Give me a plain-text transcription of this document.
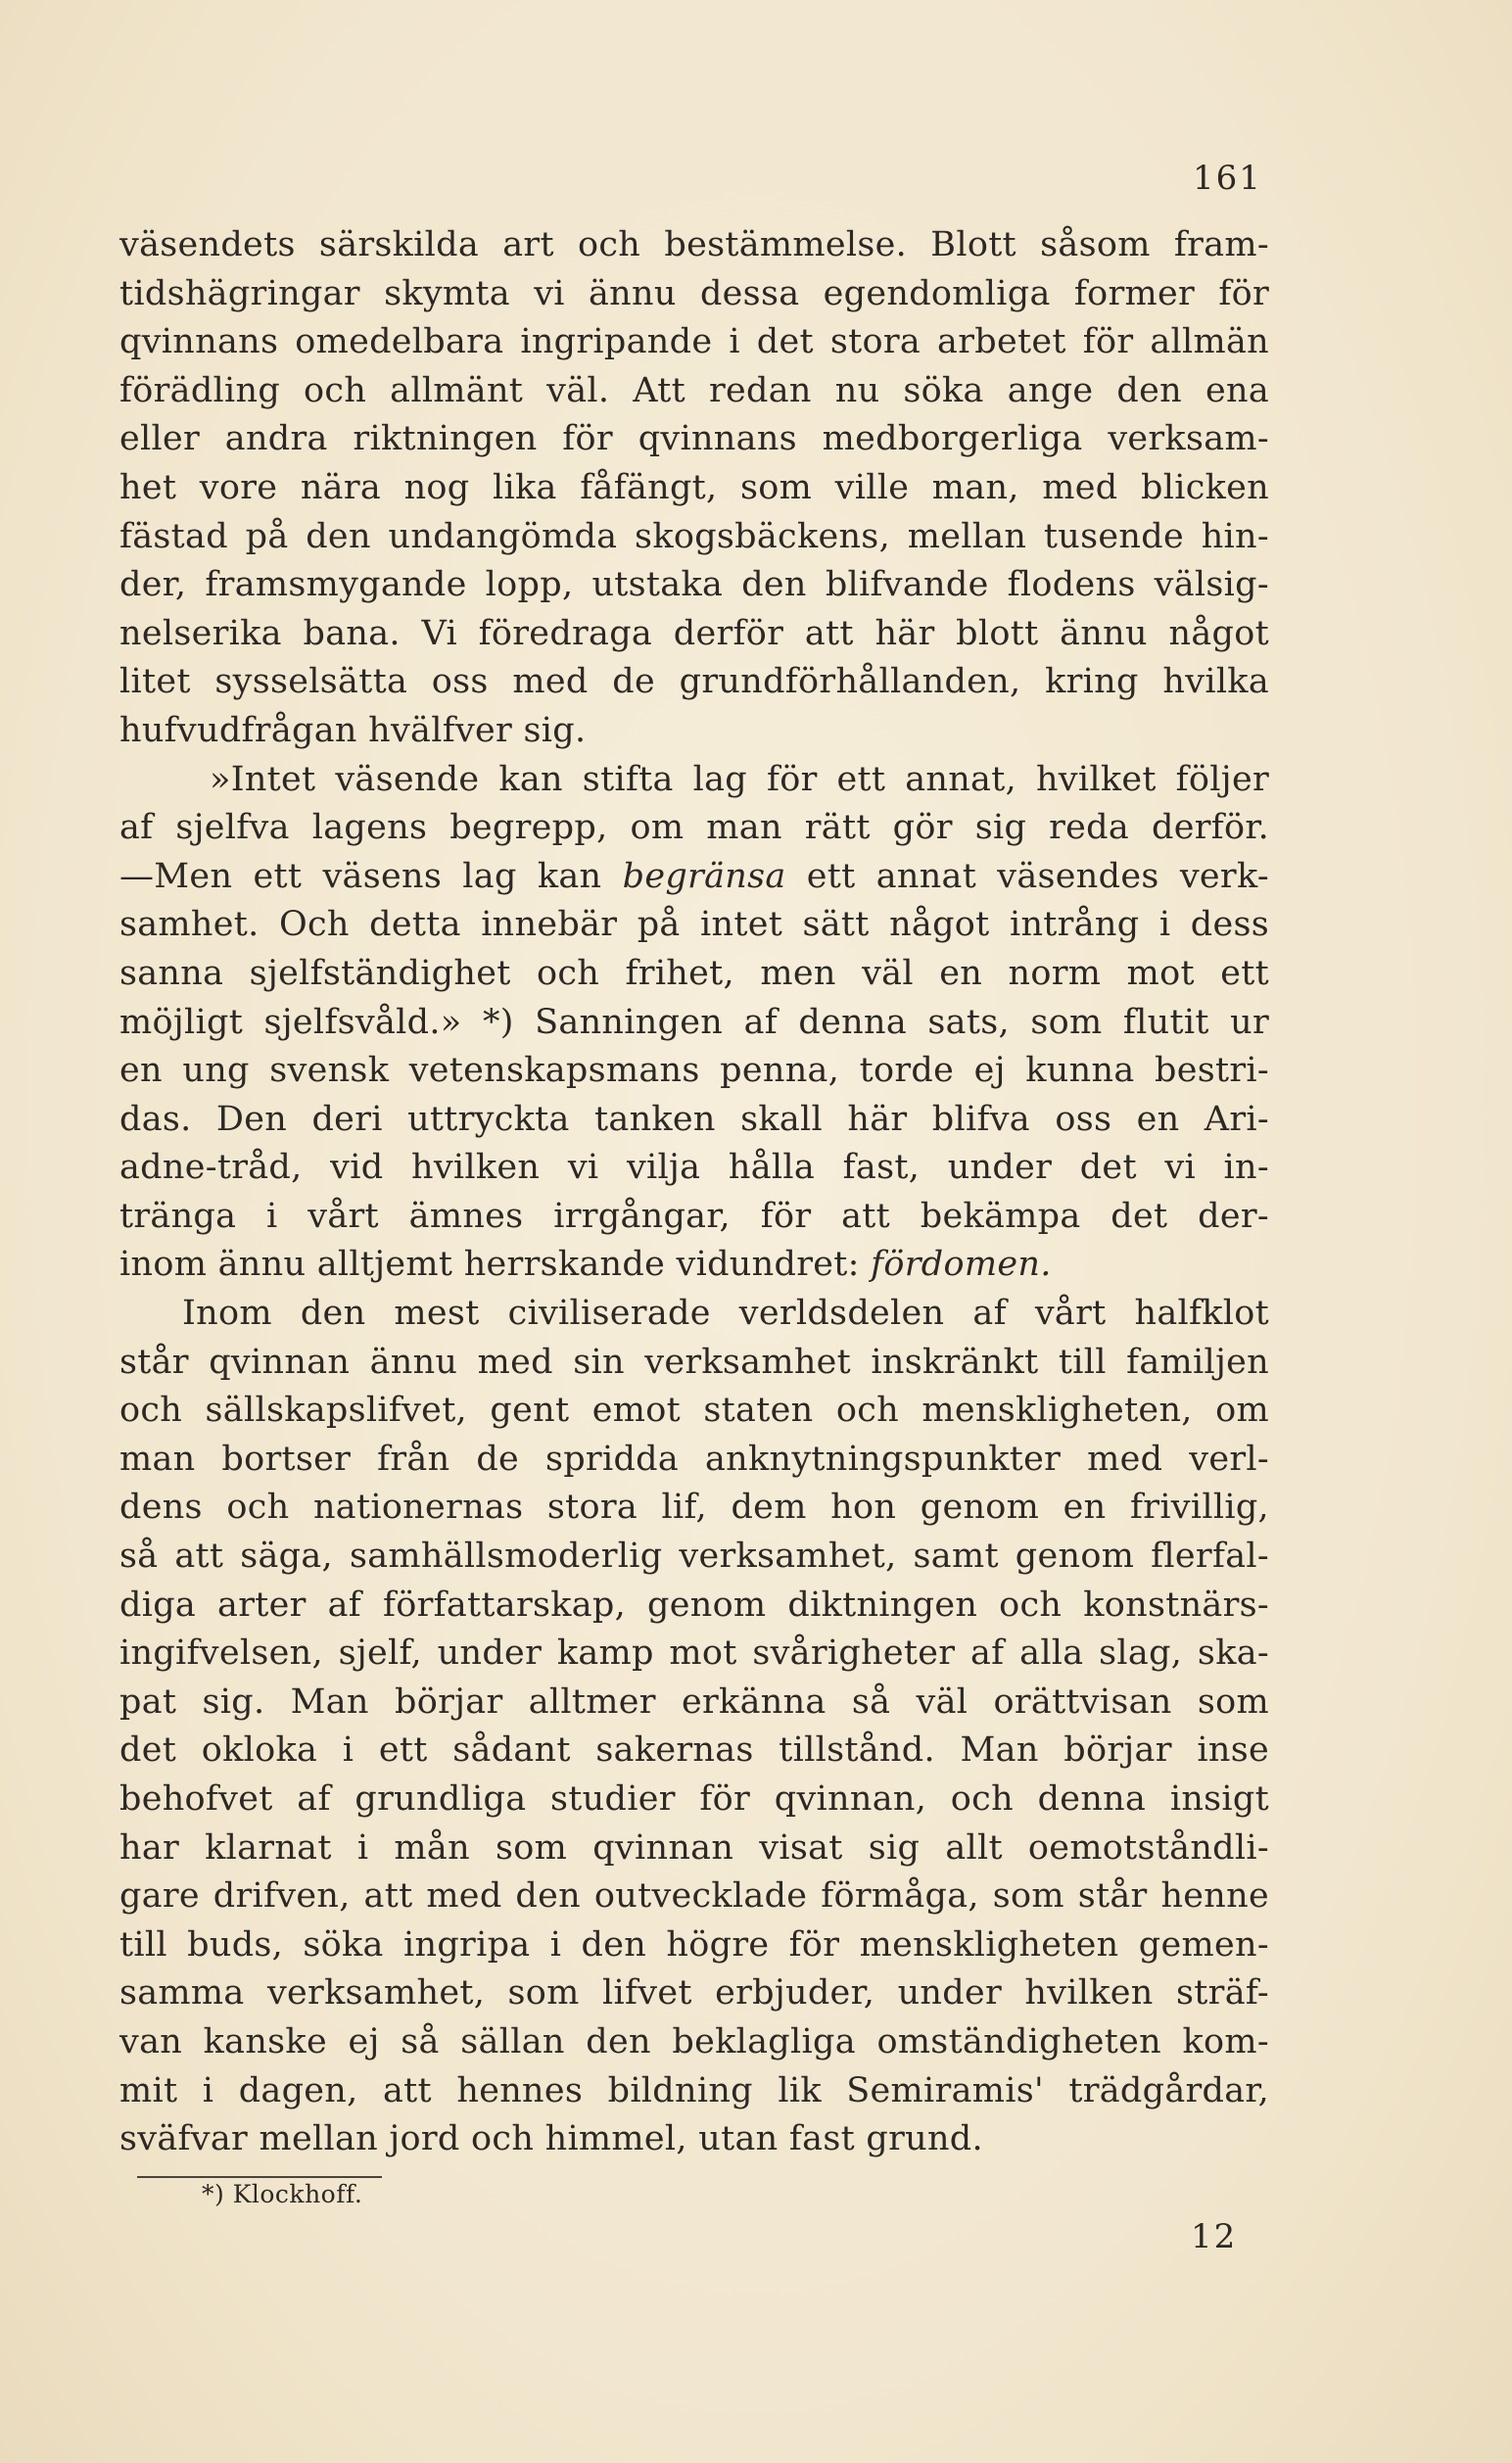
161
väsendets särskilda art och bestämmelse. Blott såsom fram-
tidshägringar skymta vi ännu dessa egendomliga former för
qvinnans omedelbara ingripande i det stora arbetet för allmän
förädling och allmänt väl. Att redan nu söka ange den ena
eller andra riktningen för qvinnans medborgerliga verksam-
het vore nära nog lika fåfängt, som ville man, med blicken
fästad på den undangömda skogsbäckens, mellan tusende hin-
der, framsmygande lopp, utstaka den blifvande flodens välsig-
nelserika bana. Vi föredraga derför att här blott ännu något
litet sysselsätta oss med de grundförhållanden, kring hvilka
hufvudfrågan hvälfver sig.
»Intet väsende kan stifta lag för ett annat, hvilket följer
af sjelfva lagens begrepp, om man rätt gör sig reda derför.
—Men ett väsens lag kan begränsa ett annat väsendes verk-
samhet. Och detta innebär på intet sätt något intrång i dess
sanna sjelfständighet och frihet, men väl en norm mot ett
möjligt sjelfsvåld.» *) Sanningen af denna sats, som flutit ur
en ung svensk vetenskapsmans penna, torde ej kunna bestri-
das. Den deri uttryckta tanken skall här blifva oss en Ari-
adne-tråd, vid hvilken vi vilja hålla fast, under det vi in-
tränga i vårt ämnes irrgångar, för att bekämpa det der-
inom ännu alltjemt herrskande vidundret: fördomen.
Inom den mest civiliserade verldsdelen af vårt halfklot
står qvinnan ännu med sin verksamhet inskränkt till familjen
och sällskapslifvet, gent emot staten och menskligheten, om
man bortser från de spridda anknytningspunkter med verl-
dens och nationernas stora lif, dem hon genom en frivillig,
så att säga, samhällsmoderlig verksamhet, samt genom flerfal-
diga arter af författarskap, genom diktningen och konstnärs-
ingifvelsen, sjelf, under kamp mot svårigheter af alla slag, ska-
pat sig. Man börjar alltmer erkänna så väl orättvisan som
det okloka i ett sådant sakernas tillstånd. Man börjar inse
behofvet af grundliga studier för qvinnan, och denna insigt
har klarnat i mån som qvinnan visat sig allt oemotståndli-
gare drifven, att med den outvecklade förmåga, som står henne
till buds, söka ingripa i den högre för menskligheten gemen-
samma verksamhet, som lifvet erbjuder, under hvilken sträf-
van kanske ej så sällan den beklagliga omständigheten kom-
mit i dagen, att hennes bildning lik Semiramis' trädgårdar,
sväfvar mellan jord och himmel, utan fast grund.
*) Klockhoff.
12
